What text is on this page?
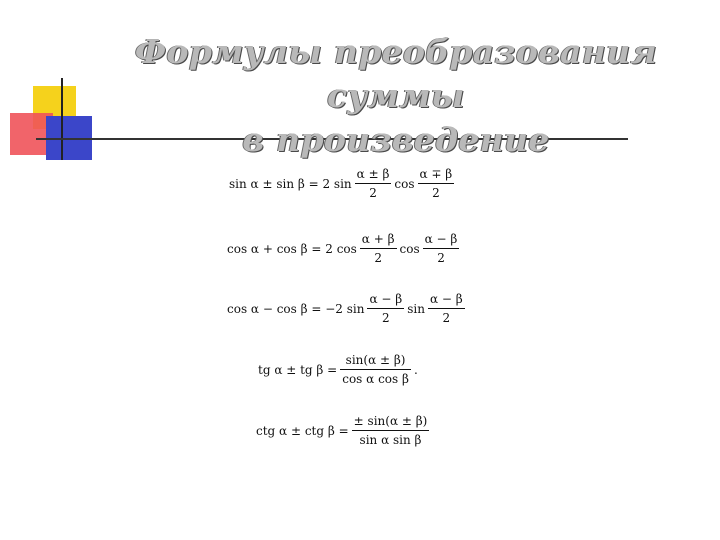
Формулы преобразования суммы
в произведение
sin α ± sin β = 2 $\sin \frac{\alpha \pm \beta}{2}$ $\cos \frac{\alpha \mp \beta}{2}$
cos α + cos β = 2 $\cos \frac{\alpha + \beta}{2}$ $\cos \frac{\alpha - \beta}{2}$
cos α − cos β = −2 $\sin \frac{\alpha - \beta}{2}$ $\sin \frac{\alpha - \beta}{2}$
tg α ± tg $\beta = \frac{\sin(\alpha \pm \beta)}{\text{cos α cos β}}$ .
ctg α ± ctg $\beta = \frac{\pm \sin(\alpha \pm \beta)}{\text{sin α sin β}}$
